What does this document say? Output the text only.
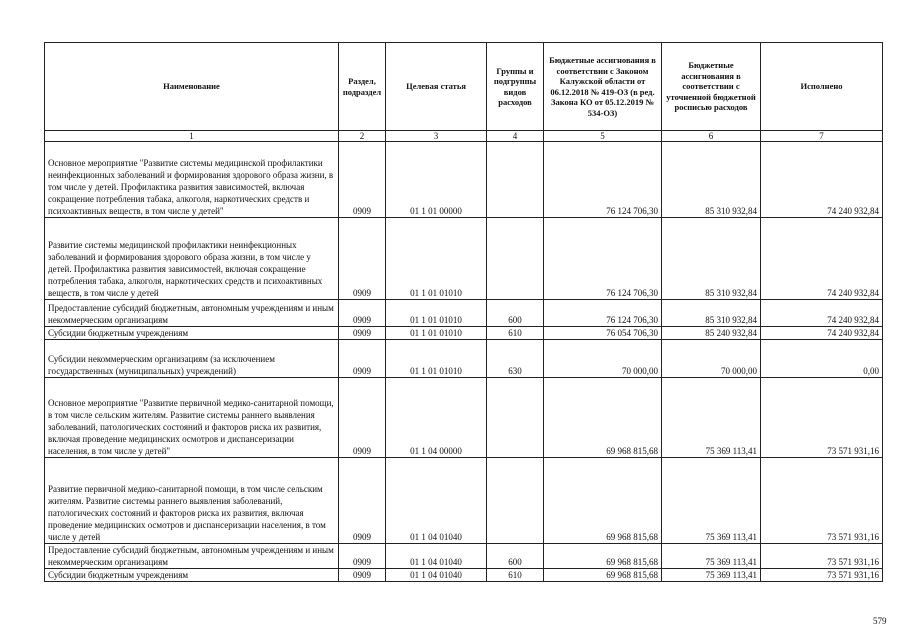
Наименование	Раздел, подраздел	Целевая статья	Группы и подгруппы видов расходов	Бюджетные ассигнования в соответствии с Законом Калужской области от 06.12.2018 № 419-ОЗ (в ред. Закона КО от 05.12.2019 № 534-ОЗ)	Бюджетные ассигнования в соответствии с уточненной бюджетной росписью расходов	Исполнено
1	2	3	4	5	6	7
Основное мероприятие "Развитие системы медицинской профилактики неинфекционных заболеваний и формирования здорового образа жизни, в том числе у детей. Профилактика развития зависимостей, включая сокращение потребления табака, алкоголя, наркотических средств и психоактивных веществ, в том числе у детей"	0909	01 1 01 00000		76 124 706,30	85 310 932,84	74 240 932,84
Развитие системы медицинской профилактики неинфекционных заболеваний и формирования здорового образа жизни, в том числе у детей. Профилактика развития зависимостей, включая сокращение потребления табака, алкоголя, наркотических средств и психоактивных веществ, в том числе у детей	0909	01 1 01 01010		76 124 706,30	85 310 932,84	74 240 932,84
Предоставление субсидий бюджетным, автономным учреждениям и иным некоммерческим организациям	0909	01 1 01 01010	600	76 124 706,30	85 310 932,84	74 240 932,84
Субсидии бюджетным учреждениям	0909	01 1 01 01010	610	76 054 706,30	85 240 932,84	74 240 932,84
Субсидии некоммерческим организациям (за исключением государственных (муниципальных) учреждений)	0909	01 1 01 01010	630	70 000,00	70 000,00	0,00
Основное мероприятие "Развитие первичной медико-санитарной помощи, в том числе сельским жителям. Развитие системы раннего выявления заболеваний, патологических состояний и факторов риска их развития, включая проведение медицинских осмотров и диспансеризации населения, в том числе у детей"	0909	01 1 04 00000		69 968 815,68	75 369 113,41	73 571 931,16
Развитие первичной медико-санитарной помощи, в том числе сельским жителям. Развитие системы раннего выявления заболеваний, патологических состояний и факторов риска их развития, включая проведение медицинских осмотров и диспансеризации населения, в том числе у детей	0909	01 1 04 01040		69 968 815,68	75 369 113,41	73 571 931,16
Предоставление субсидий бюджетным, автономным учреждениям и иным некоммерческим организациям	0909	01 1 04 01040	600	69 968 815,68	75 369 113,41	73 571 931,16
Субсидии бюджетным учреждениям	0909	01 1 04 01040	610	69 968 815,68	75 369 113,41	73 571 931,16
579
